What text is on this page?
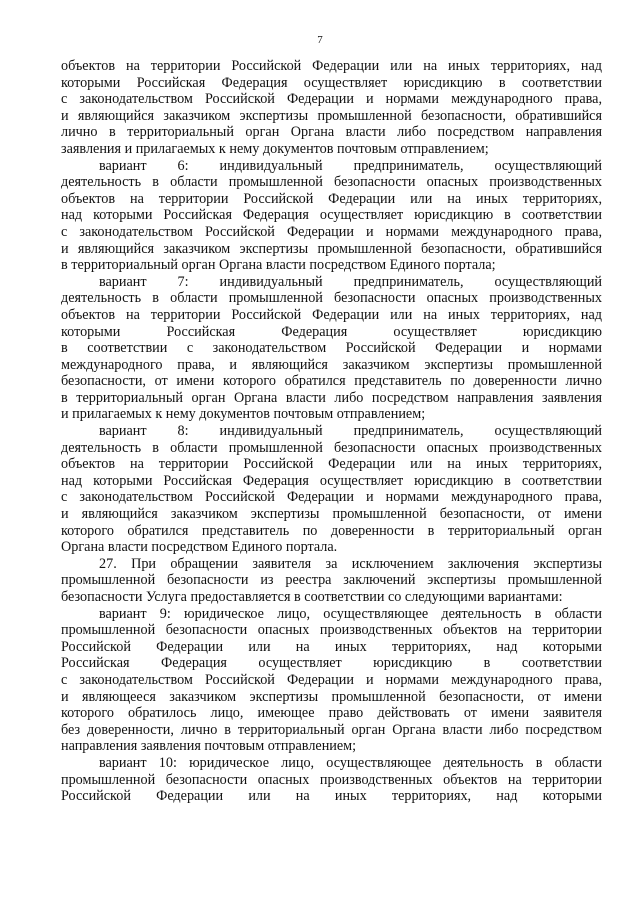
7
объектов на территории Российской Федерации или на иных территориях, над
которыми Российская Федерация осуществляет юрисдикцию в соответствии
с законодательством Российской Федерации и нормами международного права,
и являющийся заказчиком экспертизы промышленной безопасности, обратившийся
лично в территориальный орган Органа власти либо посредством направления
заявления и прилагаемых к нему документов почтовым отправлением;
вариант 6: индивидуальный предприниматель, осуществляющий
деятельность в области промышленной безопасности опасных производственных
объектов на территории Российской Федерации или на иных территориях,
над которыми Российская Федерация осуществляет юрисдикцию в соответствии
с законодательством Российской Федерации и нормами международного права,
и являющийся заказчиком экспертизы промышленной безопасности, обратившийся
в территориальный орган Органа власти посредством Единого портала;
вариант 7: индивидуальный предприниматель, осуществляющий
деятельность в области промышленной безопасности опасных производственных
объектов на территории Российской Федерации или на иных территориях, над
которыми Российская Федерация осуществляет юрисдикцию
в соответствии с законодательством Российской Федерации и нормами
международного права, и являющийся заказчиком экспертизы промышленной
безопасности, от имени которого обратился представитель по доверенности лично
в территориальный орган Органа власти либо посредством направления заявления
и прилагаемых к нему документов почтовым отправлением;
вариант 8: индивидуальный предприниматель, осуществляющий
деятельность в области промышленной безопасности опасных производственных
объектов на территории Российской Федерации или на иных территориях,
над которыми Российская Федерация осуществляет юрисдикцию в соответствии
с законодательством Российской Федерации и нормами международного права,
и являющийся заказчиком экспертизы промышленной безопасности, от имени
которого обратился представитель по доверенности в территориальный орган
Органа власти посредством Единого портала.
27. При обращении заявителя за исключением заключения экспертизы
промышленной безопасности из реестра заключений экспертизы промышленной
безопасности Услуга предоставляется в соответствии со следующими вариантами:
вариант 9: юридическое лицо, осуществляющее деятельность в области
промышленной безопасности опасных производственных объектов на территории
Российской Федерации или на иных территориях, над которыми
Российская Федерация осуществляет юрисдикцию в соответствии
с законодательством Российской Федерации и нормами международного права,
и являющееся заказчиком экспертизы промышленной безопасности, от имени
которого обратилось лицо, имеющее право действовать от имени заявителя
без доверенности, лично в территориальный орган Органа власти либо посредством
направления заявления почтовым отправлением;
вариант 10: юридическое лицо, осуществляющее деятельность в области
промышленной безопасности опасных производственных объектов на территории
Российской Федерации или на иных территориях, над которыми
